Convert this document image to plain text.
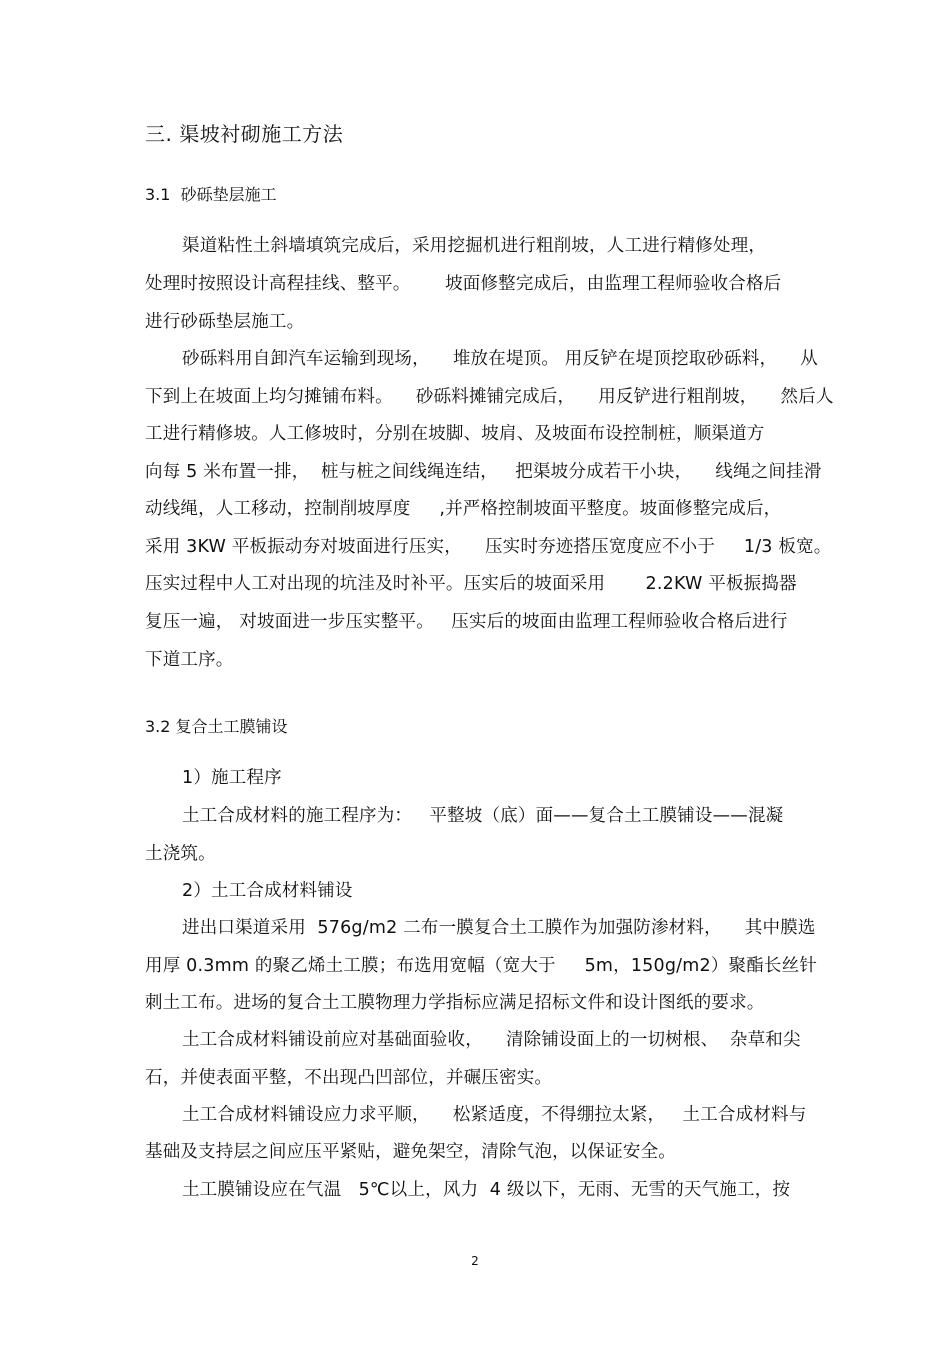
三. 渠坡衬砌施工方法
3.1  砂砾垫层施工
渠道粘性土斜墙填筑完成后，采用挖掘机进行粗削坡，人工进行精修处理，
处理时按照设计高程挂线、整平。      坡面修整完成后，由监理工程师验收合格后
进行砂砾垫层施工。
砂砾料用自卸汽车运输到现场，    堆放在堤顶。 用反铲在堤顶挖取砂砾料，    从
下到上在坡面上均匀摊铺布料。    砂砾料摊铺完成后，    用反铲进行粗削坡，    然后人
工进行精修坡。人工修坡时，分别在坡脚、坡肩、及坡面布设控制桩，顺渠道方
向每 5 米布置一排，  桩与桩之间线绳连结，   把渠坡分成若干小块，    线绳之间挂滑
动线绳，人工移动，控制削坡厚度     ,并严格控制坡面平整度。坡面修整完成后，
采用 3KW 平板振动夯对坡面进行压实，    压实时夯迹搭压宽度应不小于     1/3 板宽。
压实过程中人工对出现的坑洼及时补平。压实后的坡面采用       2.2KW 平板振捣器
复压一遍， 对坡面进一步压实整平。   压实后的坡面由监理工程师验收合格后进行
下道工序。
3.2 复合土工膜铺设
1）施工程序
土工合成材料的施工程序为：   平整坡（底）面——复合土工膜铺设——混凝
土浇筑。
2）土工合成材料铺设
进出口渠道采用  576g/m2 二布一膜复合土工膜作为加强防渗材料，    其中膜选
用厚 0.3mm 的聚乙烯土工膜；布选用宽幅（宽大于     5m，150g/m2）聚酯长丝针
刺土工布。进场的复合土工膜物理力学指标应满足招标文件和设计图纸的要求。
土工合成材料铺设前应对基础面验收，    清除铺设面上的一切树根、  杂草和尖
石，并使表面平整，不出现凸凹部位，并碾压密实。
土工合成材料铺设应力求平顺，    松紧适度，不得绷拉太紧，   土工合成材料与
基础及支持层之间应压平紧贴，避免架空，清除气泡，以保证安全。
土工膜铺设应在气温   5℃以上，风力  4 级以下，无雨、无雪的天气施工，按
2
